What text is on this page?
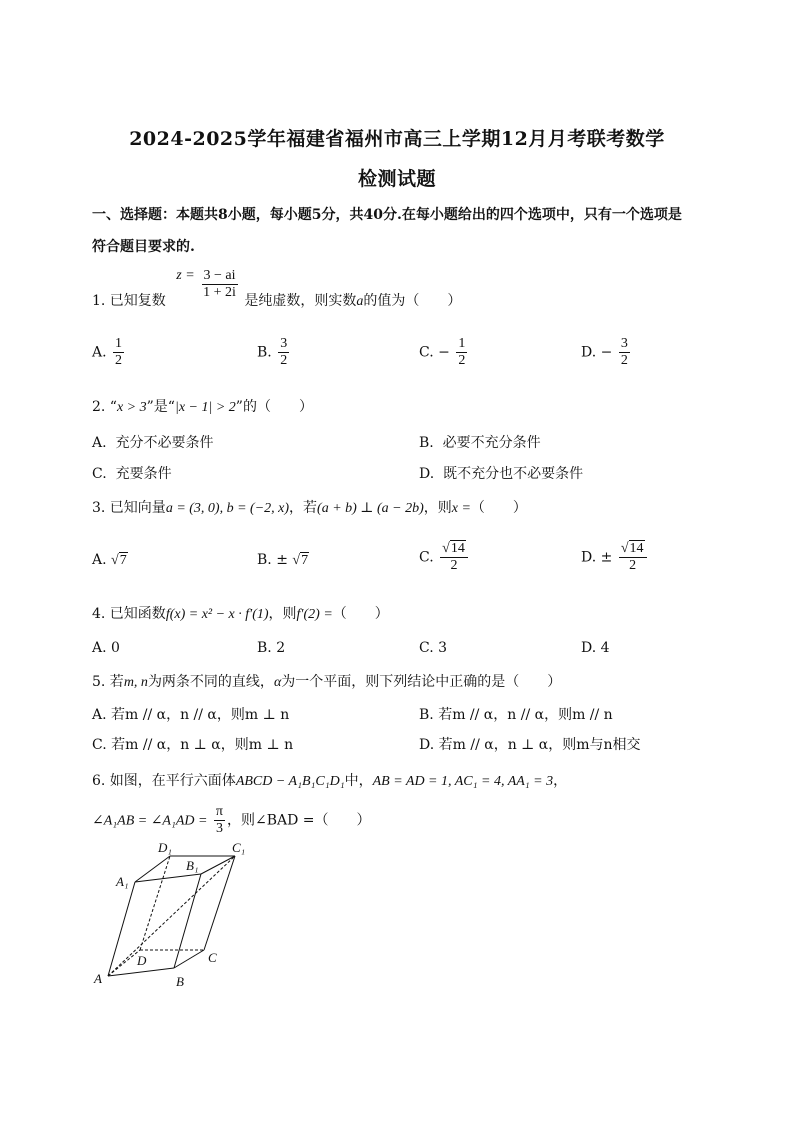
2024-2025学年福建省福州市高三上学期12月月考联考数学
检测试题
一、选择题：本题共8小题，每小题5分，共40分.在每小题给出的四个选项中，只有一个选项是
符合题目要求的.
1. 已知复数 $z = \frac{3 - ai}{1 + 2i}$ 是纯虚数，则实数a的值为（　　）
A. $\frac{1}{2}$	B. $\frac{3}{2}$	C. − $\frac{1}{2}$	D. − $\frac{3}{2}$
2. “x > 3”是“|x − 1| > 2”的（　　）
A. 充分不必要条件	B. 必要不充分条件
C. 充要条件	D. 既不充分也不必要条件
3. 已知向量a = (3, 0), b = (−2, x)，若(a + b) ⊥ (a − 2b)，则x =（　　）
A. √7	B. ± √7	C. $\frac{√14}{2}$	D. ± $\frac{√14}{2}$
4. 已知函数f(x) = x² − x · f′(1)，则f′(2) =（　　）
A. 0	B. 2	C. 3	D. 4
5. 若m, n为两条不同的直线，α为一个平面，则下列结论中正确的是（　　）
A. 若m // α，n // α，则m ⊥ n	B. 若m // α，n // α，则m // n
C. 若m // α，n ⊥ α，则m ⊥ n	D. 若m // α，n ⊥ α，则m与n相交
6. 如图，在平行六面体ABCD − A₁B₁C₁D₁中，AB = AD = 1, AC₁ = 4, AA₁ = 3，
∠A₁AB = ∠A₁AD = $\frac{\pi}{3}$ ，则∠BAD =（　　）
A	B
C
D
A₁
B₁
C₁
D₁
